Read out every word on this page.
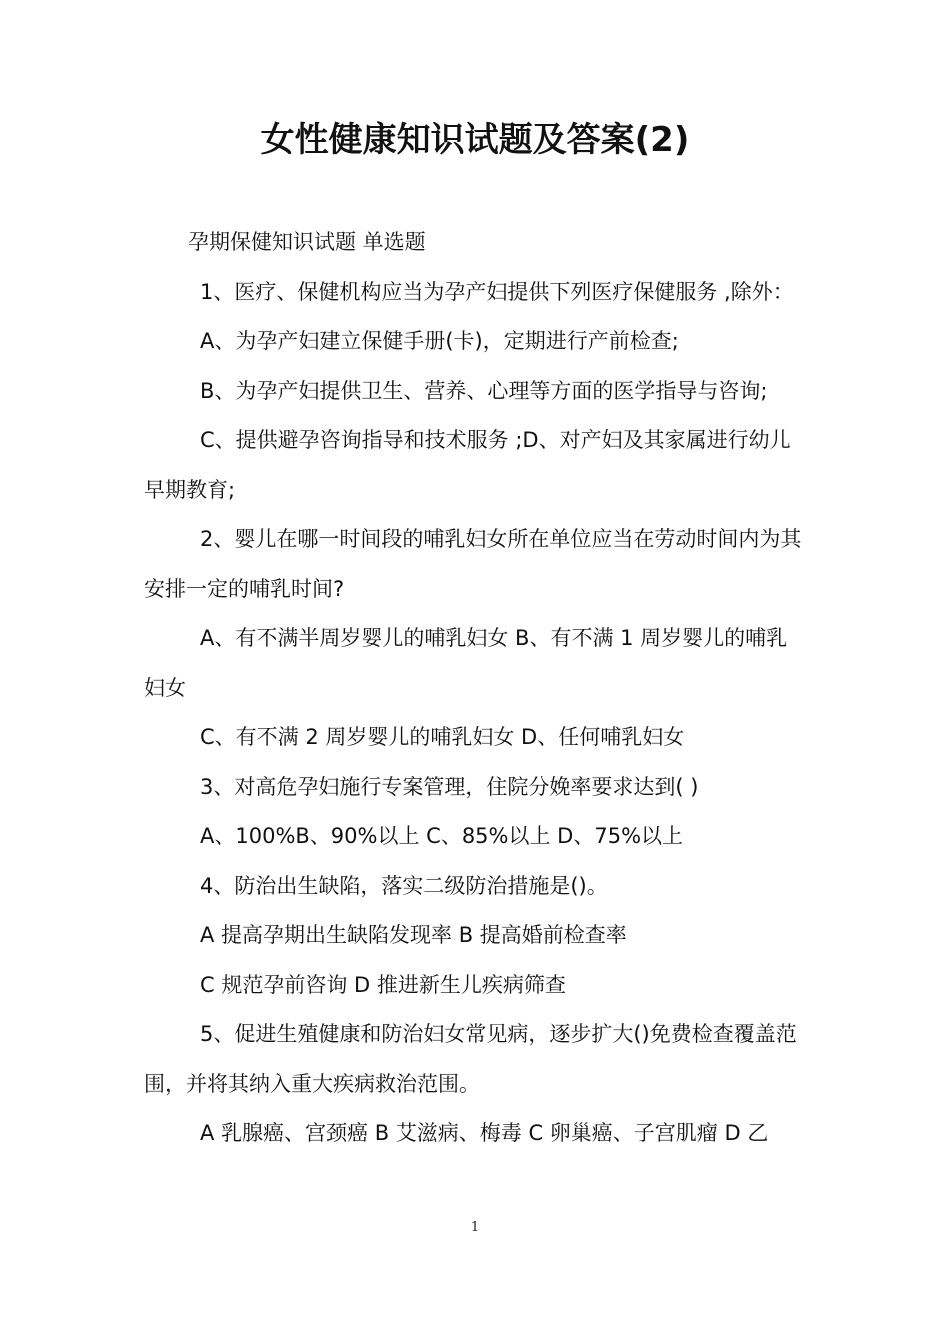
女性健康知识试题及答案(2)

孕期保健知识试题 单选题

1、医疗、保健机构应当为孕产妇提供下列医疗保健服务 ,除外：

A、为孕产妇建立保健手册(卡)，定期进行产前检查;

B、为孕产妇提供卫生、营养、心理等方面的医学指导与咨询;

C、提供避孕咨询指导和技术服务 ;D、对产妇及其家属进行幼儿早期教育;

2、婴儿在哪一时间段的哺乳妇女所在单位应当在劳动时间内为其安排一定的哺乳时间?

A、有不满半周岁婴儿的哺乳妇女 B、有不满 1 周岁婴儿的哺乳妇女

C、有不满 2 周岁婴儿的哺乳妇女 D、任何哺乳妇女

3、对高危孕妇施行专案管理，住院分娩率要求达到( )

A、100%B、90%以上 C、85%以上 D、75%以上

4、防治出生缺陷，落实二级防治措施是()。

A 提高孕期出生缺陷发现率 B 提高婚前检查率

C 规范孕前咨询 D 推进新生儿疾病筛查

5、促进生殖健康和防治妇女常见病，逐步扩大()免费检查覆盖范围，并将其纳入重大疾病救治范围。

A 乳腺癌、宫颈癌 B 艾滋病、梅毒 C 卵巢癌、子宫肌瘤 D 乙

1
